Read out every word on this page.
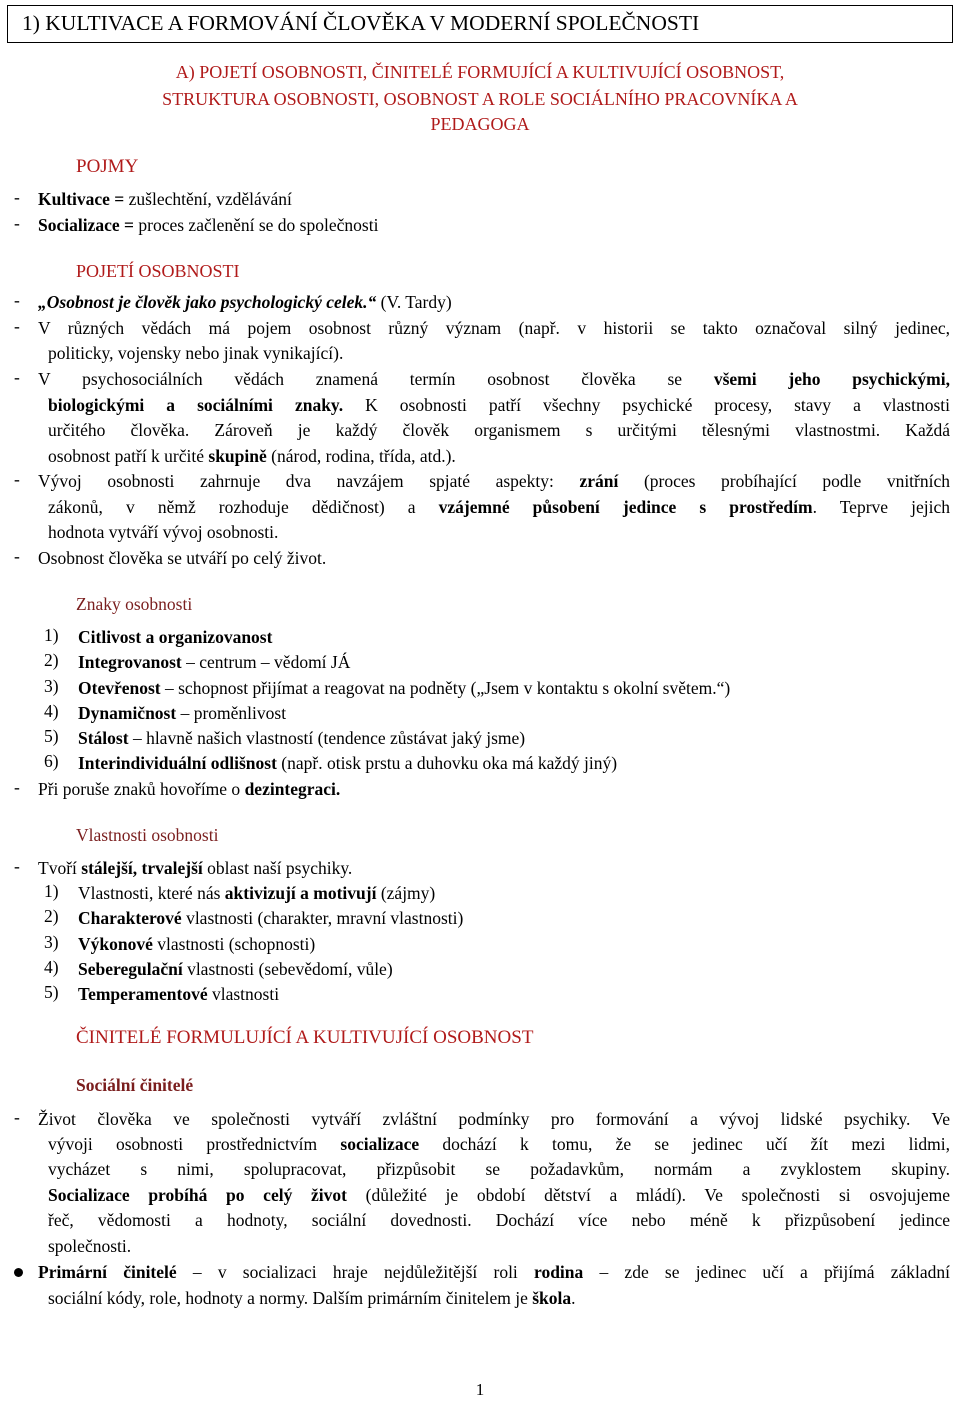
1) KULTIVACE A FORMOVÁNÍ ČLOVĚKA V MODERNÍ SPOLEČNOSTI
A) POJETÍ OSOBNOSTI, ČINITELÉ FORMUJÍCÍ A KULTIVUJÍCÍ OSOBNOST,
STRUKTURA OSOBNOSTI, OSOBNOST A ROLE SOCIÁLNÍHO PRACOVNÍKA A
PEDAGOGA
POJMY
- Kultivace = zušlechtění, vzdělávání
- Socializace = proces začlenění se do společnosti
POJETÍ OSOBNOSTI
- „Osobnost je člověk jako psychologický celek.“ (V. Tardy)
- V různých vědách má pojem osobnost různý význam (např. v historii se takto označoval silný jedinec,
politicky, vojensky nebo jinak vynikající).
- V psychosociálních vědách znamená termín osobnost člověka se všemi jeho psychickými,
biologickými a sociálními znaky. K osobnosti patří všechny psychické procesy, stavy a vlastnosti
určitého člověka. Zároveň je každý člověk organismem s určitými tělesnými vlastnostmi. Každá
osobnost patří k určité skupině (národ, rodina, třída, atd.).
- Vývoj osobnosti zahrnuje dva navzájem spjaté aspekty: zrání (proces probíhající podle vnitřních
zákonů, v němž rozhoduje dědičnost) a vzájemné působení jedince s prostředím. Teprve jejich
hodnota vytváří vývoj osobnosti.
- Osobnost člověka se utváří po celý život.
Znaky osobnosti
1) Citlivost a organizovanost
2) Integrovanost – centrum – vědomí JÁ
3) Otevřenost – schopnost přijímat a reagovat na podněty („Jsem v kontaktu s okolní světem.“)
4) Dynamičnost – proměnlivost
5) Stálost – hlavně našich vlastností (tendence zůstávat jaký jsme)
6) Interindividuální odlišnost (např. otisk prstu a duhovku oka má každý jiný)
- Při poruše znaků hovoříme o dezintegraci.
Vlastnosti osobnosti
- Tvoří stálejší, trvalejší oblast naší psychiky.
1) Vlastnosti, které nás aktivizují a motivují (zájmy)
2) Charakterové vlastnosti (charakter, mravní vlastnosti)
3) Výkonové vlastnosti (schopnosti)
4) Seberegulační vlastnosti (sebevědomí, vůle)
5) Temperamentové vlastnosti
ČINITELÉ FORMULUJÍCÍ A KULTIVUJÍCÍ OSOBNOST
Sociální činitelé
- Život člověka ve společnosti vytváří zvláštní podmínky pro formování a vývoj lidské psychiky. Ve
vývoji osobnosti prostřednictvím socializace dochází k tomu, že se jedinec učí žít mezi lidmi,
vycházet s nimi, spolupracovat, přizpůsobit se požadavkům, normám a zvyklostem skupiny.
Socializace probíhá po celý život (důležité je období dětství a mládí). Ve společnosti si osvojujeme
řeč, vědomosti a hodnoty, sociální dovednosti. Dochází více nebo méně k přizpůsobení jedince
společnosti.
Primární činitelé – v socializaci hraje nejdůležitější roli rodina – zde se jedinec učí a přijímá základní
sociální kódy, role, hodnoty a normy. Dalším primárním činitelem je škola.
1
